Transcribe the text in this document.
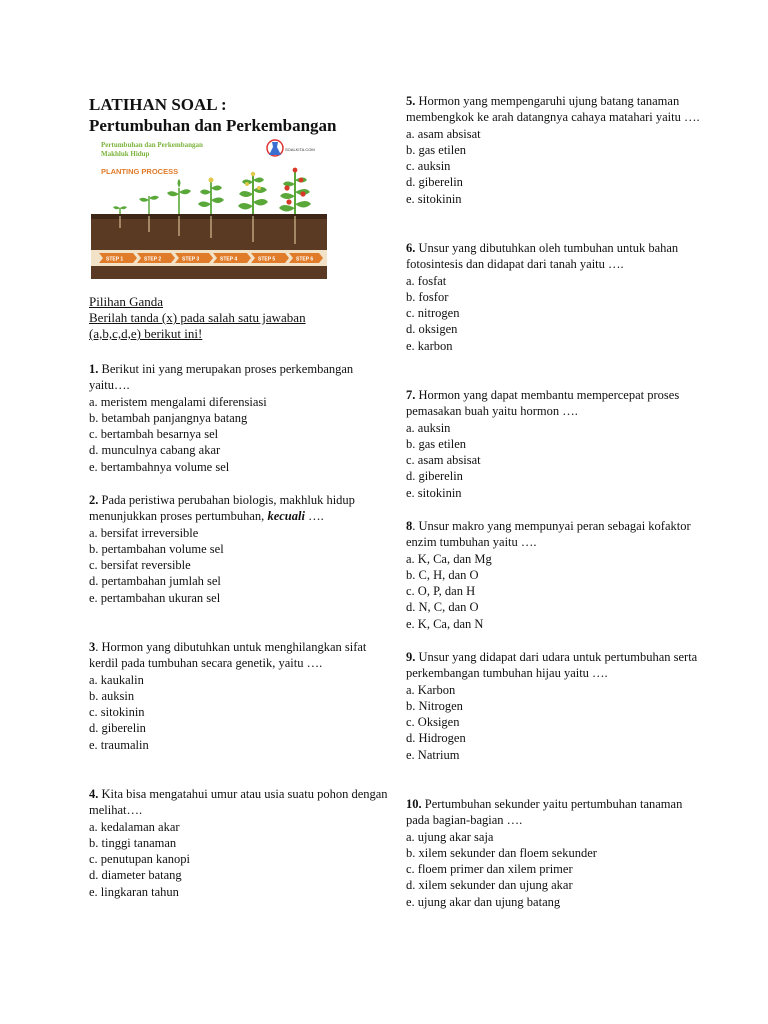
LATIHAN SOAL :
Pertumbuhan dan Perkembangan
Pertumbuhan dan Perkembangan
Makhluk Hidup
PLANTING PROCESS
SOALKITA.COM
STEP 1	STEP 2	STEP 3	STEP 4	STEP 5	STEP 6
Pilihan Ganda
Berilah tanda (x) pada salah satu jawaban
(a,b,c,d,e) berikut ini!

1. Berikut ini yang merupakan proses perkembangan yaitu….

a. meristem mengalami diferensiasi
b. betambah panjangnya batang
c. bertambah besarnya sel
d. munculnya cabang akar
e. bertambahnya volume sel

2. Pada peristiwa perubahan biologis, makhluk hidup menunjukkan proses pertumbuhan, kecuali ….

a. bersifat irreversible
b. pertambahan volume sel
c. bersifat reversible
d. pertambahan jumlah sel
e. pertambahan ukuran sel

3. Hormon yang dibutuhkan untuk menghilangkan sifat kerdil pada tumbuhan secara genetik, yaitu ….

a. kaukalin
b. auksin
c. sitokinin
d. giberelin
e. traumalin

4. Kita bisa mengatahui umur atau usia suatu pohon dengan melihat….

a. kedalaman akar
b. tinggi tanaman
c. penutupan kanopi
d. diameter batang
e. lingkaran tahun

5. Hormon yang mempengaruhi ujung batang tanaman membengkok ke arah datangnya cahaya matahari yaitu ….

a. asam absisat
b. gas etilen
c. auksin
d. giberelin
e. sitokinin

6. Unsur yang dibutuhkan oleh tumbuhan untuk bahan fotosintesis dan didapat dari tanah yaitu ….

a. fosfat
b. fosfor
c. nitrogen
d. oksigen
e. karbon

7. Hormon yang dapat membantu mempercepat proses pemasakan buah yaitu hormon ….

a. auksin
b. gas etilen
c. asam absisat
d. giberelin
e. sitokinin

8. Unsur makro yang mempunyai peran sebagai kofaktor enzim tumbuhan yaitu ….

a. K, Ca, dan Mg
b. C, H, dan O
c. O, P, dan H
d. N, C, dan O
e. K, Ca, dan N

9. Unsur yang didapat dari udara untuk pertumbuhan serta perkembangan tumbuhan hijau yaitu ….

a. Karbon
b. Nitrogen
c. Oksigen
d. Hidrogen
e. Natrium

10. Pertumbuhan sekunder yaitu pertumbuhan tanaman pada bagian-bagian ….

a. ujung akar saja
b. xilem sekunder dan floem sekunder
c. floem primer dan xilem primer
d. xilem sekunder dan ujung akar
e. ujung akar dan ujung batang
